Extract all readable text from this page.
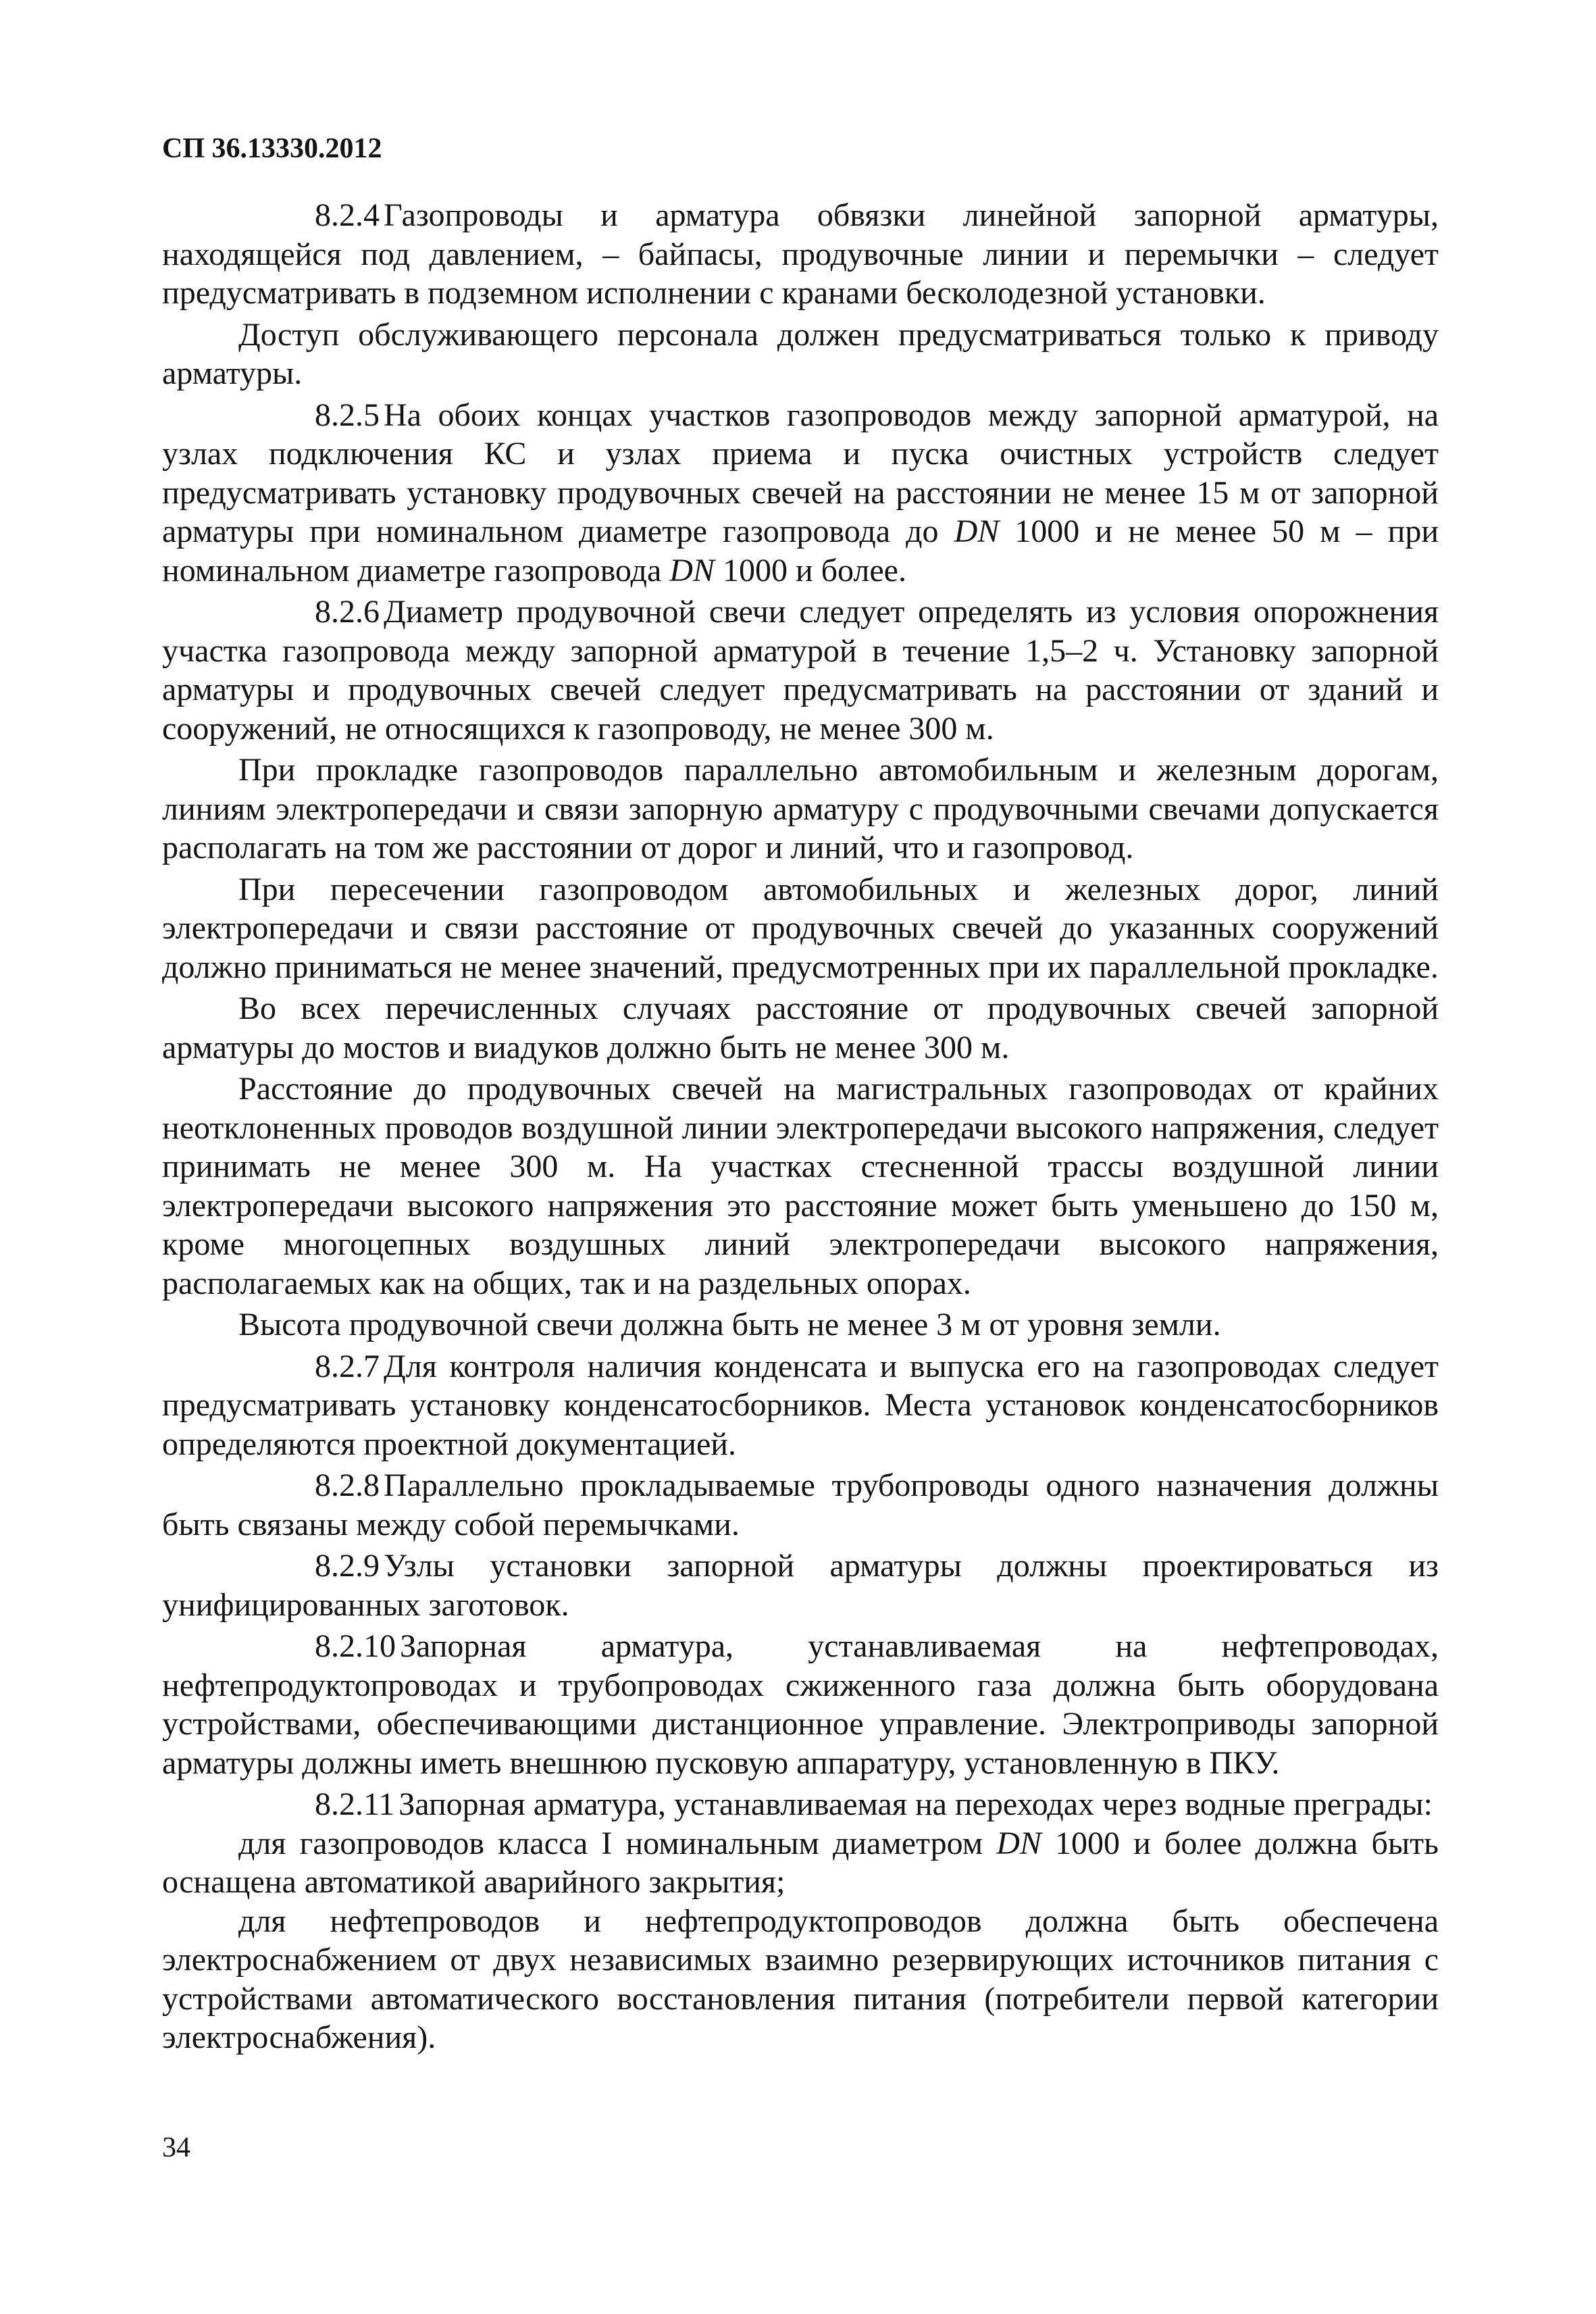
СП 36.13330.2012

8.2.4 Газопроводы и арматура обвязки линейной запорной арматуры, находящейся под давлением, – байпасы, продувочные линии и перемычки – следует предусматривать в подземном исполнении с кранами бесколодезной установки.

Доступ обслуживающего персонала должен предусматриваться только к приводу арматуры.

8.2.5 На обоих концах участков газопроводов между запорной арматурой, на узлах подключения КС и узлах приема и пуска очистных устройств следует предусматривать установку продувочных свечей на расстоянии не менее 15 м от запорной арматуры при номинальном диаметре газопровода до DN 1000 и не менее 50 м – при номинальном диаметре газопровода DN 1000 и более.

8.2.6 Диаметр продувочной свечи следует определять из условия опорожнения участка газопровода между запорной арматурой в течение 1,5–2 ч. Установку запорной арматуры и продувочных свечей следует предусматривать на расстоянии от зданий и сооружений, не относящихся к газопроводу, не менее 300 м.

При прокладке газопроводов параллельно автомобильным и железным дорогам, линиям электропередачи и связи запорную арматуру с продувочными свечами допускается располагать на том же расстоянии от дорог и линий, что и газопровод.

При пересечении газопроводом автомобильных и железных дорог, линий электропередачи и связи расстояние от продувочных свечей до указанных сооружений должно приниматься не менее значений, предусмотренных при их параллельной прокладке.

Во всех перечисленных случаях расстояние от продувочных свечей запорной арматуры до мостов и виадуков должно быть не менее 300 м.

Расстояние до продувочных свечей на магистральных газопроводах от крайних неотклоненных проводов воздушной линии электропередачи высокого напряжения, следует принимать не менее 300 м. На участках стесненной трассы воздушной линии электропередачи высокого напряжения это расстояние может быть уменьшено до 150 м, кроме многоцепных воздушных линий электропередачи высокого напряжения, располагаемых как на общих, так и на раздельных опорах.

Высота продувочной свечи должна быть не менее 3 м от уровня земли.

8.2.7 Для контроля наличия конденсата и выпуска его на газопроводах следует предусматривать установку конденсатосборников. Места установок конденсатосборников определяются проектной документацией.

8.2.8 Параллельно прокладываемые трубопроводы одного назначения должны быть связаны между собой перемычками.

8.2.9 Узлы установки запорной арматуры должны проектироваться из унифицированных заготовок.

8.2.10 Запорная арматура, устанавливаемая на нефтепроводах, нефтепродуктопроводах и трубопроводах сжиженного газа должна быть оборудована устройствами, обеспечивающими дистанционное управление. Электроприводы запорной арматуры должны иметь внешнюю пусковую аппаратуру, установленную в ПКУ.

8.2.11 Запорная арматура, устанавливаемая на переходах через водные преграды:

для газопроводов класса I номинальным диаметром DN 1000 и более должна быть оснащена автоматикой аварийного закрытия;

для нефтепроводов и нефтепродуктопроводов должна быть обеспечена электроснабжением от двух независимых взаимно резервирующих источников питания с устройствами автоматического восстановления питания (потребители первой категории электроснабжения).

34
